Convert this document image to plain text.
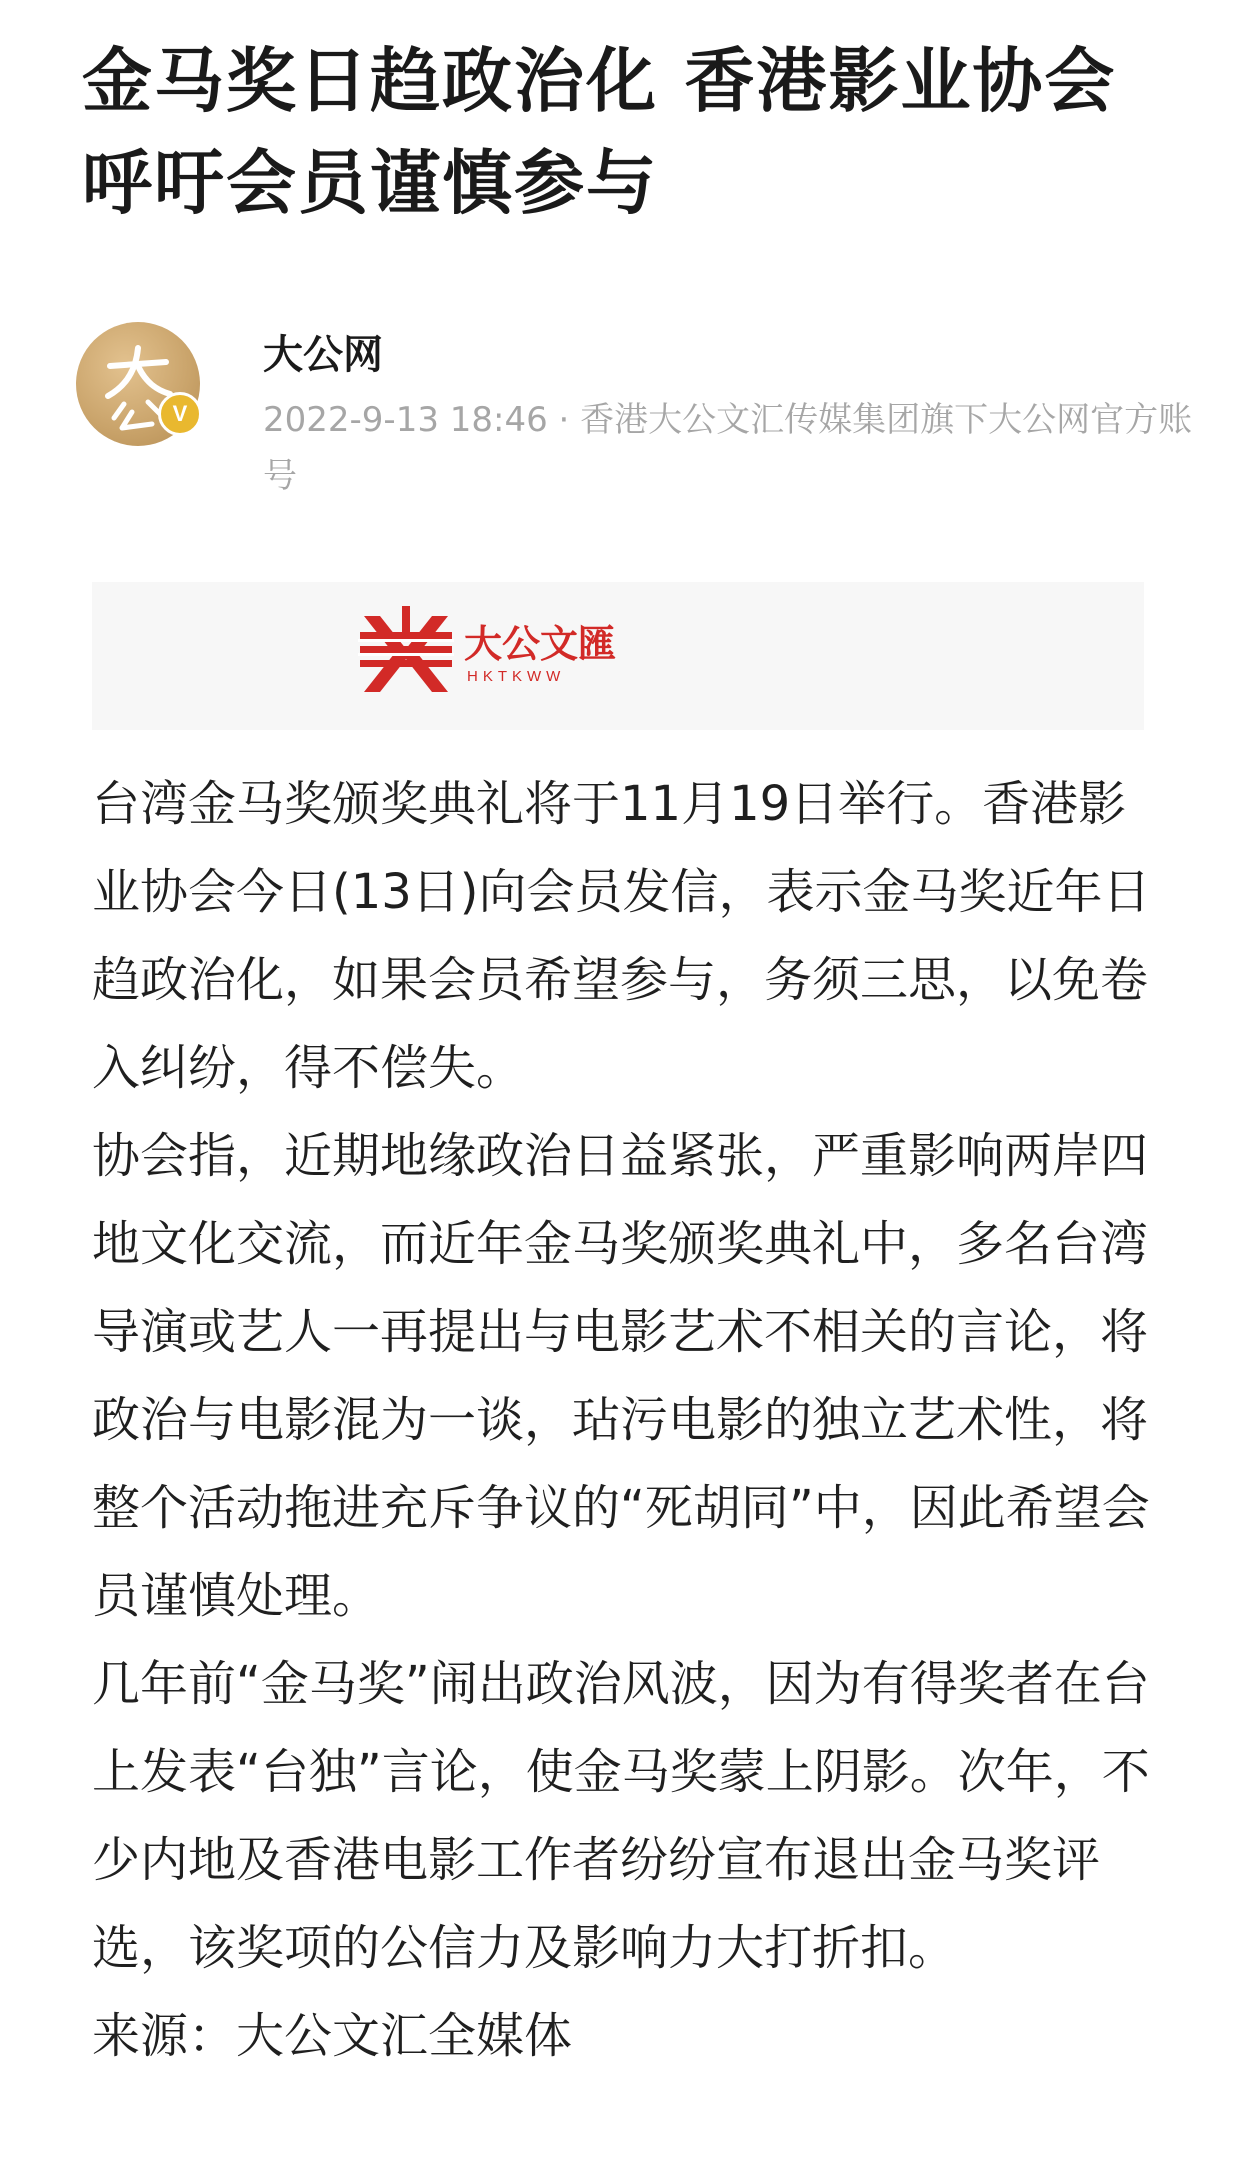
金马奖日趋政治化 香港影业协会呼吁会员谨慎参与
V
大公网
2022-9-13 18:46 · 香港大公文汇传媒集团旗下大公网官方账号
大公文匯
HKTKWW

台湾金马奖颁奖典礼将于11月19日举行。香港影业协会今日(13日)向会员发信，表示金马奖近年日趋政治化，如果会员希望参与，务须三思，以免卷入纠纷，得不偿失。

协会指，近期地缘政治日益紧张，严重影响两岸四地文化交流，而近年金马奖颁奖典礼中，多名台湾导演或艺人一再提出与电影艺术不相关的言论，将政治与电影混为一谈，玷污电影的独立艺术性，将整个活动拖进充斥争议的“死胡同”中，因此希望会员谨慎处理。

几年前“金马奖”闹出政治风波，因为有得奖者在台上发表“台独”言论，使金马奖蒙上阴影。次年，不少内地及香港电影工作者纷纷宣布退出金马奖评选，该奖项的公信力及影响力大打折扣。

来源：大公文汇全媒体
